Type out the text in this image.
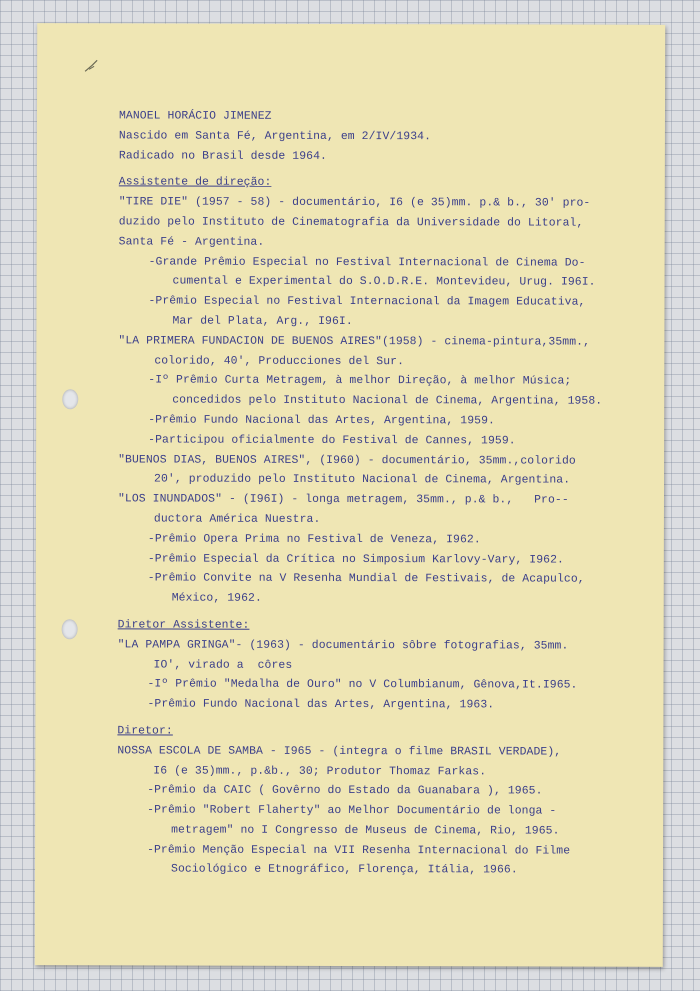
MANOEL HORÁCIO JIMENEZ
Nascido em Santa Fé, Argentina, em 2/IV/1934.
Radicado no Brasil desde 1964.
Assistente de direção:
"TIRE DIE" (1957 - 58) - documentário, I6 (e 35)mm. p.& b., 30' pro-
duzido pelo Instituto de Cinematografia da Universidade do Litoral,
Santa Fé - Argentina.
-Grande Prêmio Especial no Festival Internacional de Cinema Do-
cumental e Experimental do S.O.D.R.E. Montevideu, Urug. I96I.
-Prêmio Especial no Festival Internacional da Imagem Educativa,
Mar del Plata, Arg., I96I.
"LA PRIMERA FUNDACION DE BUENOS AIRES"(1958) - cinema-pintura,35mm.,
colorido, 40', Producciones del Sur.
-Iº Prêmio Curta Metragem, à melhor Direção, à melhor Música;
concedidos pelo Instituto Nacional de Cinema, Argentina, 1958.
-Prêmio Fundo Nacional das Artes, Argentina, 1959.
-Participou oficialmente do Festival de Cannes, 1959.
"BUENOS DIAS, BUENOS AIRES", (I960) - documentário, 35mm.,colorido
20', produzido pelo Instituto Nacional de Cinema, Argentina.
"LOS INUNDADOS" - (I96I) - longa metragem, 35mm., p.& b.,   Pro--
ductora América Nuestra.
-Prêmio Opera Prima no Festival de Veneza, I962.
-Prêmio Especial da Crítica no Simposium Karlovy-Vary, I962.
-Prêmio Convite na V Resenha Mundial de Festivais, de Acapulco,
México, 1962.
Diretor Assistente:
"LA PAMPA GRINGA"- (1963) - documentário sôbre fotografias, 35mm.
IO', virado a  côres
-Iº Prêmio "Medalha de Ouro" no V Columbianum, Gênova,It.I965.
-Prêmio Fundo Nacional das Artes, Argentina, 1963.
Diretor:
NOSSA ESCOLA DE SAMBA - I965 - (integra o filme BRASIL VERDADE),
I6 (e 35)mm., p.&b., 30; Produtor Thomaz Farkas.
-Prêmio da CAIC ( Govêrno do Estado da Guanabara ), 1965.
-Prêmio "Robert Flaherty" ao Melhor Documentário de longa -
metragem" no I Congresso de Museus de Cinema, Rio, 1965.
-Prêmio Menção Especial na VII Resenha Internacional do Filme
Sociológico e Etnográfico, Florença, Itália, 1966.
